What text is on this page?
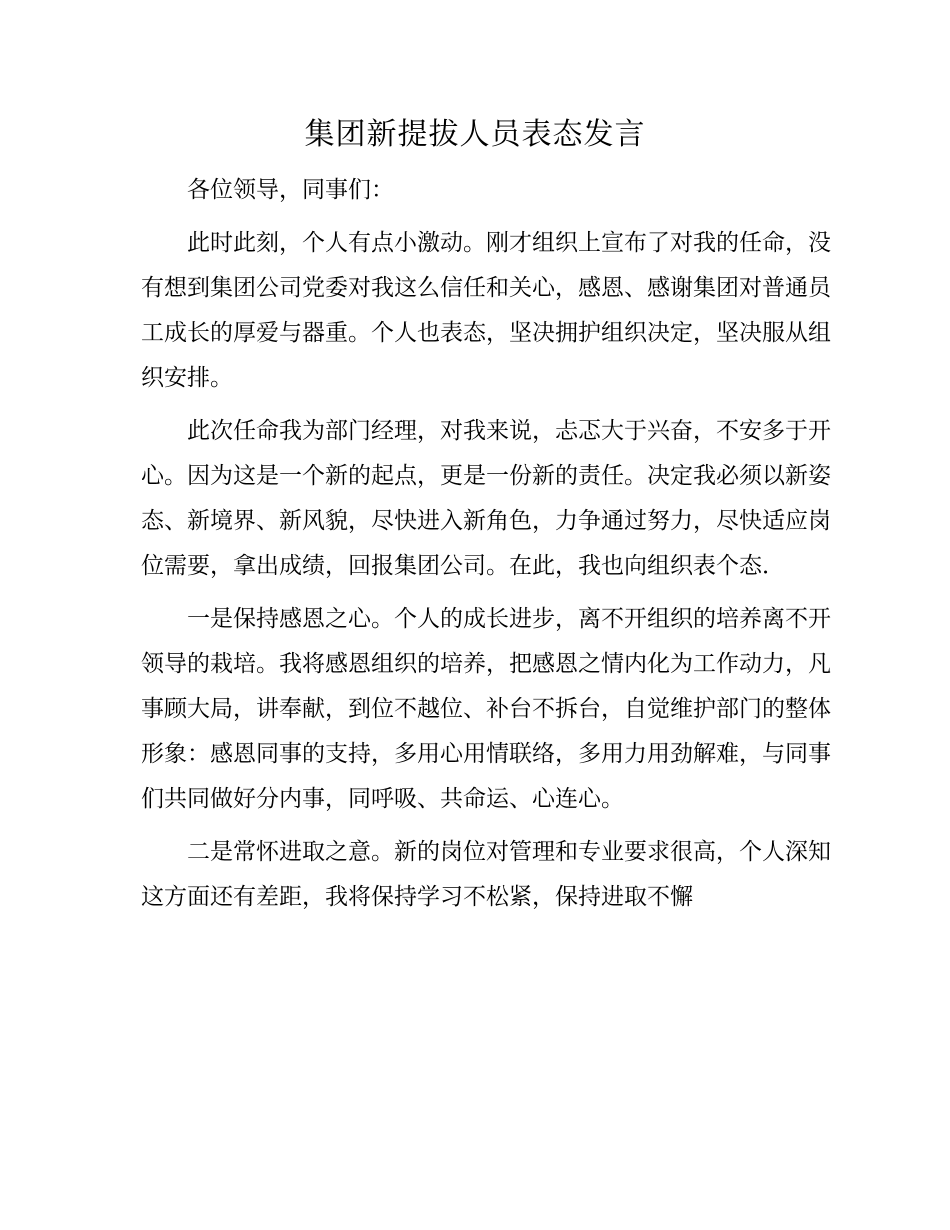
集团新提拔人员表态发言

各位领导，同事们：

此时此刻，个人有点小激动。刚才组织上宣布了对我的任命，没有想到集团公司党委对我这么信任和关心，感恩、感谢集团对普通员工成长的厚爱与器重。个人也表态，坚决拥护组织决定，坚决服从组织安排。

此次任命我为部门经理，对我来说，忐忑大于兴奋，不安多于开心。因为这是一个新的起点，更是一份新的责任。决定我必须以新姿态、新境界、新风貌，尽快进入新角色，力争通过努力，尽快适应岗位需要，拿出成绩，回报集团公司。在此，我也向组织表个态．

一是保持感恩之心。个人的成长进步，离不开组织的培养离不开领导的栽培。我将感恩组织的培养，把感恩之情内化为工作动力，凡事顾大局，讲奉献，到位不越位、补台不拆台，自觉维护部门的整体形象：感恩同事的支持，多用心用情联络，多用力用劲解难，与同事们共同做好分内事，同呼吸、共命运、心连心。

二是常怀进取之意。新的岗位对管理和专业要求很高，个人深知这方面还有差距，我将保持学习不松紧，保持进取不懈
